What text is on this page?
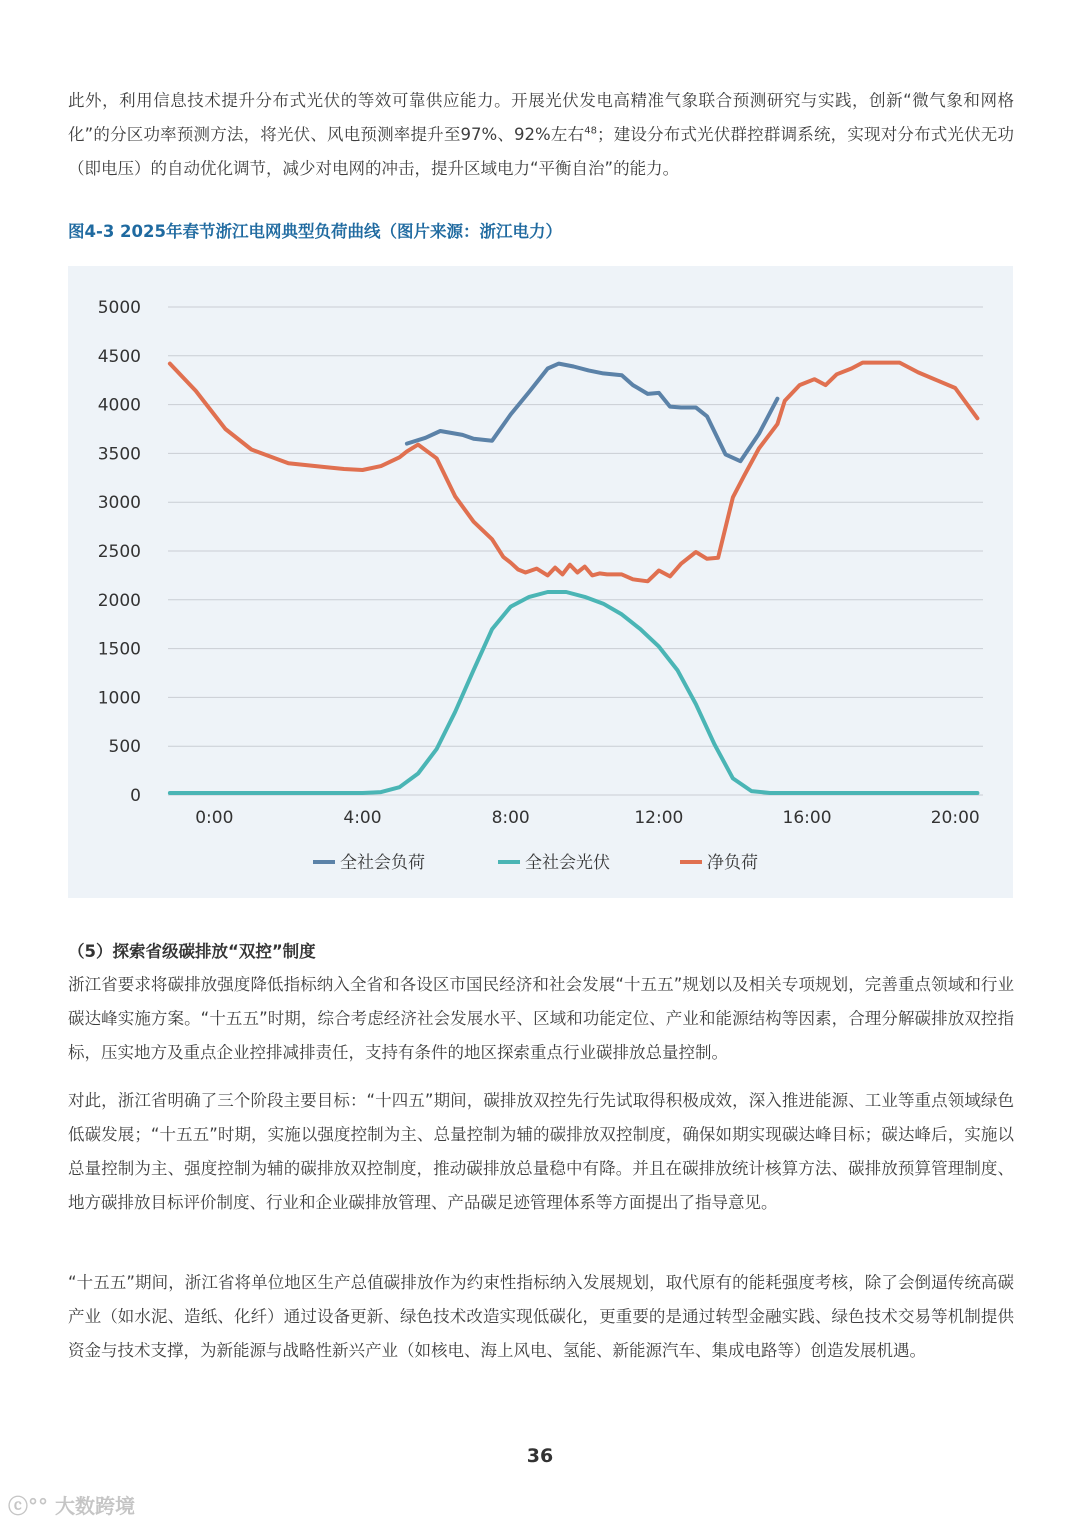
此外，利用信息技术提升分布式光伏的等效可靠供应能力。开展光伏发电高精准气象联合预测研究与实践，创新“微气象和网格化”的分区功率预测方法，将光伏、风电预测率提升至97%、92%左右$^{48}$；建设分布式光伏群控群调系统，实现对分布式光伏无功（即电压）的自动优化调节，减少对电网的冲击，提升区域电力“平衡自治”的能力。

图4-3 2025年春节浙江电网典型负荷曲线（图片来源：浙江电力）

0
500
1000
1500
2000
2500
3000
3500
4000
4500
5000
0:00	4:00	8:00	12:00	16:00	20:00
全社会负荷	全社会光伏	净负荷

（5）探索省级碳排放“双控”制度

浙江省要求将碳排放强度降低指标纳入全省和各设区市国民经济和社会发展“十五五”规划以及相关专项规划，完善重点领域和行业碳达峰实施方案。“十五五”时期，综合考虑经济社会发展水平、区域和功能定位、产业和能源结构等因素，合理分解碳排放双控指标，压实地方及重点企业控排减排责任，支持有条件的地区探索重点行业碳排放总量控制。

对此，浙江省明确了三个阶段主要目标：“十四五”期间，碳排放双控先行先试取得积极成效，深入推进能源、工业等重点领域绿色低碳发展；“十五五”时期，实施以强度控制为主、总量控制为辅的碳排放双控制度，确保如期实现碳达峰目标；碳达峰后，实施以总量控制为主、强度控制为辅的碳排放双控制度，推动碳排放总量稳中有降。并且在碳排放统计核算方法、碳排放预算管理制度、地方碳排放目标评价制度、行业和企业碳排放管理、产品碳足迹管理体系等方面提出了指导意见。

“十五五”期间，浙江省将单位地区生产总值碳排放作为约束性指标纳入发展规划，取代原有的能耗强度考核，除了会倒逼传统高碳产业（如水泥、造纸、化纤）通过设备更新、绿色技术改造实现低碳化，更重要的是通过转型金融实践、绿色技术交易等机制提供资金与技术支撑，为新能源与战略性新兴产业（如核电、海上风电、氢能、新能源汽车、集成电路等）创造发展机遇。

36
ⓒ°° 大数跨境
